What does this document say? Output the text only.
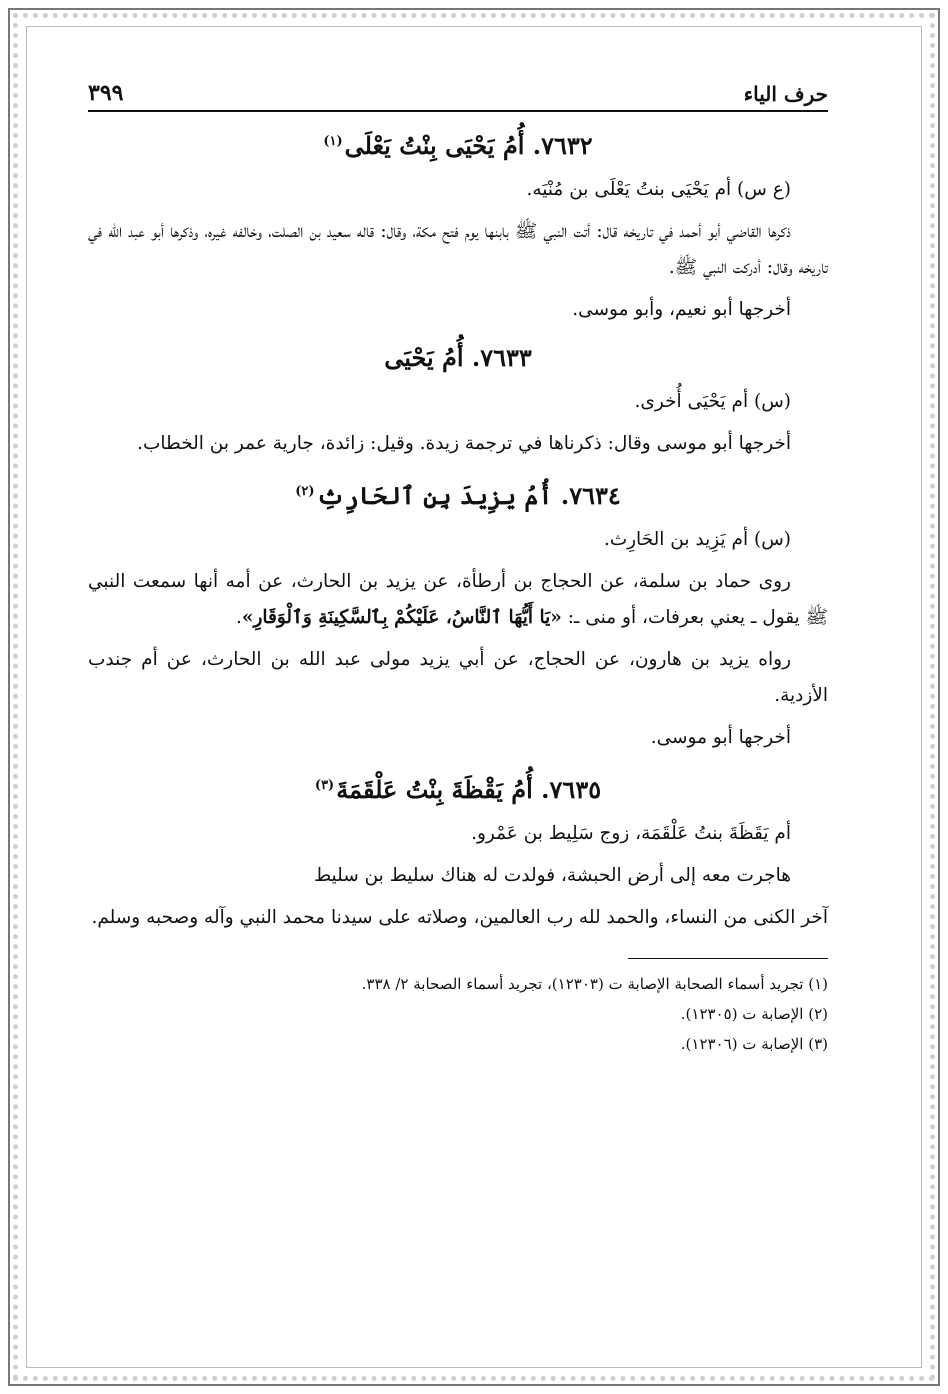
حرف الياء
٣٩٩
٧٦٣٢. أُمُ يَحْيَى بِنْتُ يَعْلَى$^{(١)}$

(ع س) أم يَحْيَى بنتُ يَعْلَى بن مُنْيَه.

ذكرها القاضي أبو أحمد في تاريخه قال: أتت النبي ﷺ بابنها يوم فتح مكة، وقال: قاله سعيد بن الصلت، وخالفه غيره، وذكرها أبو عبد الله في تاريخه وقال: أدركت النبي ﷺ.

أخرجها أبو نعيم، وأبو موسى.

٧٦٣٣. أُمُ يَحْيَى

(س) أم يَحْيَى أُخرى.

أخرجها أبو موسى وقال: ذكرناها في ترجمة زيدة. وقيل: زائدة، جارية عمر بن الخطاب.

٧٦٣٤. أُمُ يزِيدَ بِنِ ٱلحَارِثِ$^{(٢)}$

(س) أم يَزِيد بن الحَارِث.

روى حماد بن سلمة، عن الحجاج بن أرطأة، عن يزيد بن الحارث، عن أمه أنها سمعت النبي ﷺ يقول ـ يعني بعرفات، أو منى ـ: «يَا أَيُّهَا ٱلنَّاسُ، عَلَيْكُمْ بِٱلسَّكِينَةِ وَٱلْوَقَارِ».

رواه يزيد بن هارون، عن الحجاج، عن أبي يزيد مولى عبد الله بن الحارث، عن أم جندب الأزدية.

أخرجها أبو موسى.

٧٦٣٥. أُمُ يَقْظَةَ بِنْتُ عَلْقَمَةَ$^{(٣)}$

أم يَقَظَةَ بنتُ عَلْقَمَة، زوج سَلِيط بن عَمْرو.

هاجرت معه إلى أرض الحبشة، فولدت له هناك سليط بن سليط

آخر الكنى من النساء، والحمد لله رب العالمين، وصلاته على سيدنا محمد النبي وآله وصحبه وسلم.

(١) تجريد أسماء الصحابة الإصابة ت (١٢٣٠٣)، تجريد أسماء الصحابة ٢/ ٣٣٨.

(٢) الإصابة ت (١٢٣٠٥).

(٣) الإصابة ت (١٢٣٠٦).
